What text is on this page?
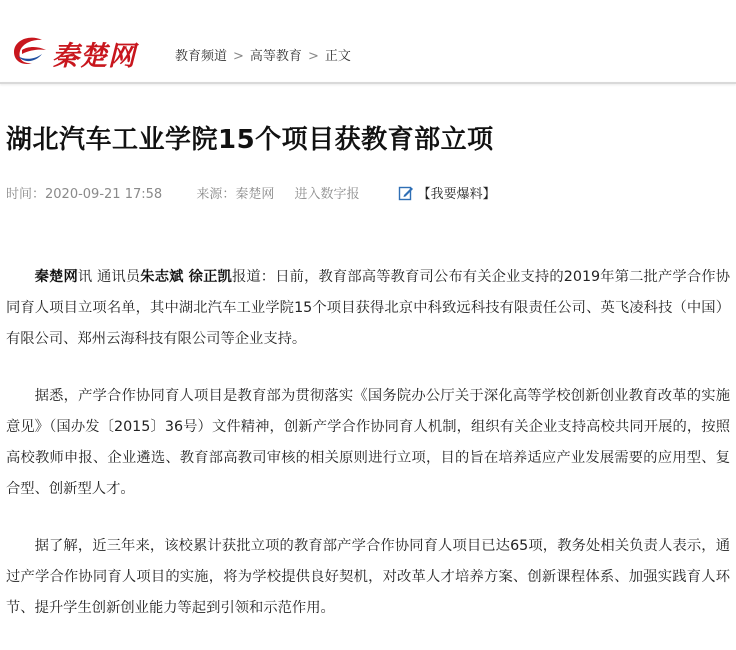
秦楚网	教育频道 > 高等教育 > 正文
湖北汽车工业学院15个项目获教育部立项
时间：2020-09-21 17:58	来源：秦楚网 进入数字报	【我要爆料】

秦楚网讯 通讯员朱志斌 徐正凯报道：日前，教育部高等教育司公布有关企业支持的2019年第二批产学合作协同育人项目立项名单，其中湖北汽车工业学院15个项目获得北京中科致远科技有限责任公司、英飞凌科技（中国）有限公司、郑州云海科技有限公司等企业支持。

据悉，产学合作协同育人项目是教育部为贯彻落实《国务院办公厅关于深化高等学校创新创业教育改革的实施意见》（国办发〔2015〕36号）文件精神，创新产学合作协同育人机制，组织有关企业支持高校共同开展的，按照高校教师申报、企业遴选、教育部高教司审核的相关原则进行立项，目的旨在培养适应产业发展需要的应用型、复合型、创新型人才。

据了解，近三年来，该校累计获批立项的教育部产学合作协同育人项目已达65项，教务处相关负责人表示，通过产学合作协同育人项目的实施，将为学校提供良好契机，对改革人才培养方案、创新课程体系、加强实践育人环节、提升学生创新创业能力等起到引领和示范作用。
